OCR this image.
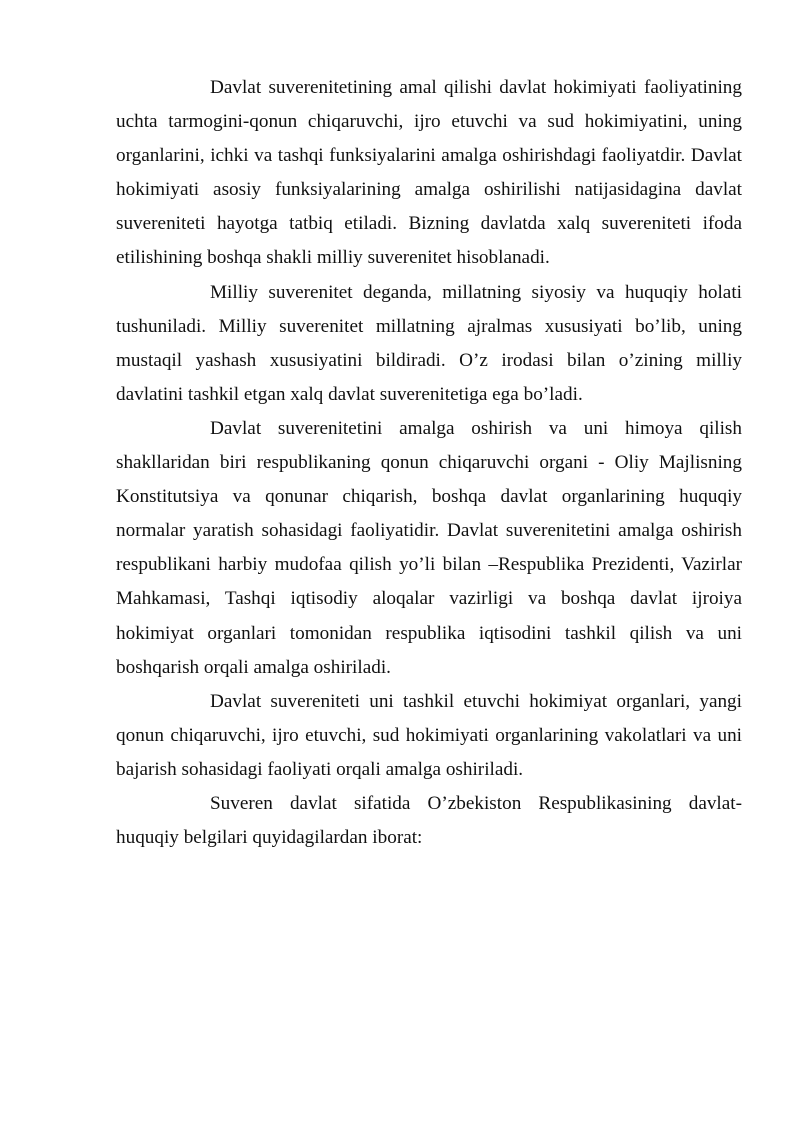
Davlat suverenitetining amal qilishi davlat hokimiyati faoliyatining uchta tarmogini-qonun chiqaruvchi, ijro etuvchi va sud hokimiyatini, uning organlarini, ichki va tashqi funksiyalarini amalga oshirishdagi faoliyatdir. Davlat hokimiyati asosiy funksiyalarining amalga oshirilishi natijasidagina davlat suvereniteti hayotga tatbiq etiladi. Bizning davlatda xalq suvereniteti ifoda etilishining boshqa shakli milliy suverenitet hisoblanadi.

Milliy suverenitet deganda, millatning siyosiy va huquqiy holati tushuniladi. Milliy suverenitet millatning ajralmas xususiyati bo’lib, uning mustaqil yashash xususiyatini bildiradi. O’z irodasi bilan o’zining milliy davlatini tashkil etgan xalq davlat suverenitetiga ega bo’ladi.

Davlat suverenitetini amalga oshirish va uni himoya qilish shakllaridan biri respublikaning qonun chiqaruvchi organi - Oliy Majlisning Konstitutsiya va qonunar chiqarish, boshqa davlat organlarining huquqiy normalar yaratish sohasidagi faoliyatidir. Davlat suverenitetini amalga oshirish respublikani harbiy mudofaa qilish yo’li bilan –Respublika Prezidenti, Vazirlar Mahkamasi, Tashqi iqtisodiy aloqalar vazirligi va boshqa davlat ijroiya hokimiyat organlari tomonidan respublika iqtisodini tashkil qilish va uni boshqarish orqali amalga oshiriladi.

Davlat suvereniteti uni tashkil etuvchi hokimiyat organlari, yangi qonun chiqaruvchi, ijro etuvchi, sud hokimiyati organlarining vakolatlari va uni bajarish sohasidagi faoliyati orqali amalga oshiriladi.

Suveren davlat sifatida O’zbekiston Respublikasining davlat-huquqiy belgilari quyidagilardan iborat:
